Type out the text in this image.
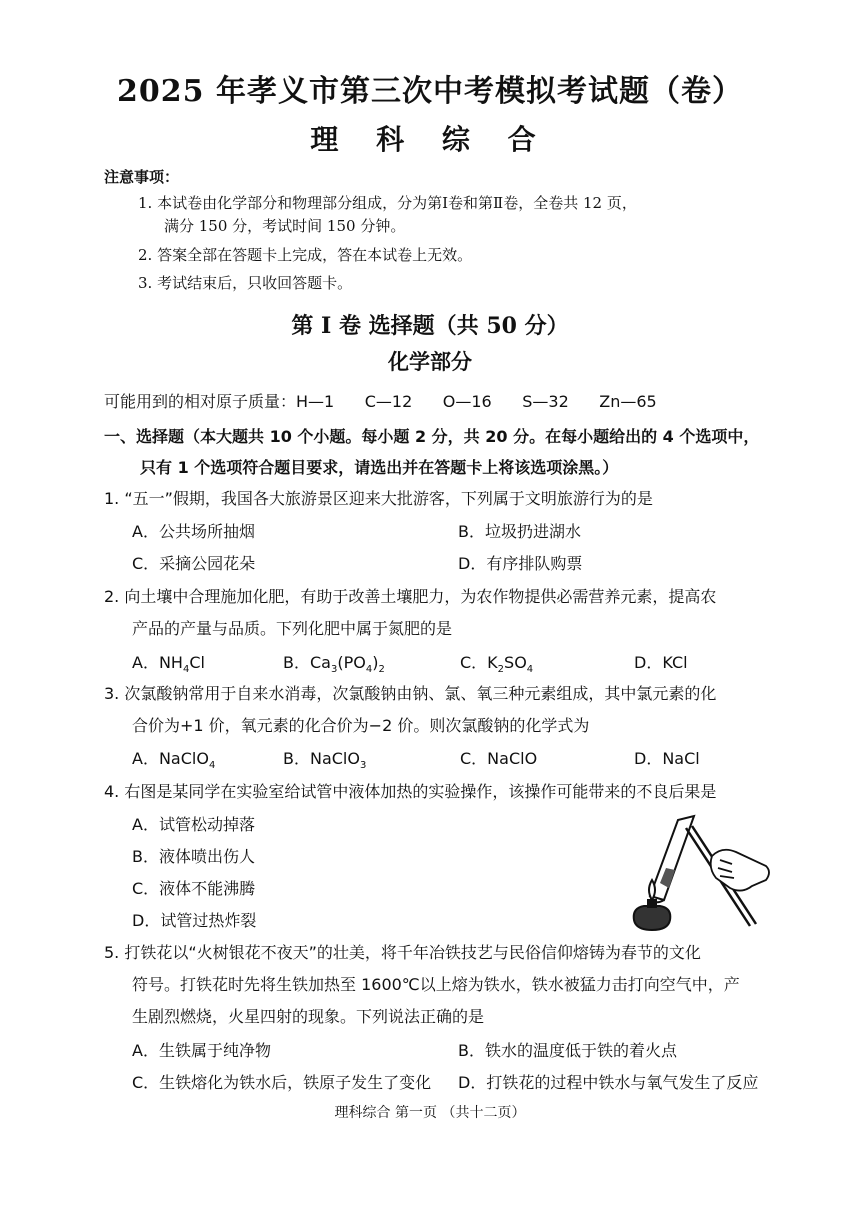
2025 年孝义市第三次中考模拟考试题（卷）
理 科 综 合
注意事项：
1. 本试卷由化学部分和物理部分组成，分为第Ⅰ卷和第Ⅱ卷，全卷共 12 页，
满分 150 分，考试时间 150 分钟。
2. 答案全部在答题卡上完成，答在本试卷上无效。
3. 考试结束后，只收回答题卡。
第 I 卷 选择题（共 50 分）
化学部分
可能用到的相对原子质量：H—1      C—12      O—16      S—32      Zn—65
一、选择题（本大题共 10 个小题。每小题 2 分，共 20 分。在每小题给出的 4 个选项中，
只有 1 个选项符合题目要求，请选出并在答题卡上将该选项涂黑。）
1. “五一”假期，我国各大旅游景区迎来大批游客，下列属于文明旅游行为的是
A．公共场所抽烟	B．垃圾扔进湖水
C．采摘公园花朵	D．有序排队购票
2. 向土壤中合理施加化肥，有助于改善土壤肥力，为农作物提供必需营养元素，提高农
产品的产量与品质。下列化肥中属于氮肥的是
A．$NH_4Cl$	B．$Ca_3(PO_4)_2$	C．$K_2SO_4$	D．KCl
3. 次氯酸钠常用于自来水消毒，次氯酸钠由钠、氯、氧三种元素组成，其中氯元素的化
合价为+1 价，氧元素的化合价为−2 价。则次氯酸钠的化学式为
A．NaClO$_4$	B．NaClO$_3$	C．NaClO	D．NaCl
4. 右图是某同学在实验室给试管中液体加热的实验操作，该操作可能带来的不良后果是
A．试管松动掉落
B．液体喷出伤人
C．液体不能沸腾
D．试管过热炸裂
5. 打铁花以“火树银花不夜天”的壮美，将千年冶铁技艺与民俗信仰熔铸为春节的文化
符号。打铁花时先将生铁加热至 1600℃以上熔为铁水，铁水被猛力击打向空气中，产
生剧烈燃烧，火星四射的现象。下列说法正确的是
A．生铁属于纯净物	B．铁水的温度低于铁的着火点
C．生铁熔化为铁水后，铁原子发生了变化 D．打铁花的过程中铁水与氧气发生了反应
理科综合 第一页 （共十二页）
